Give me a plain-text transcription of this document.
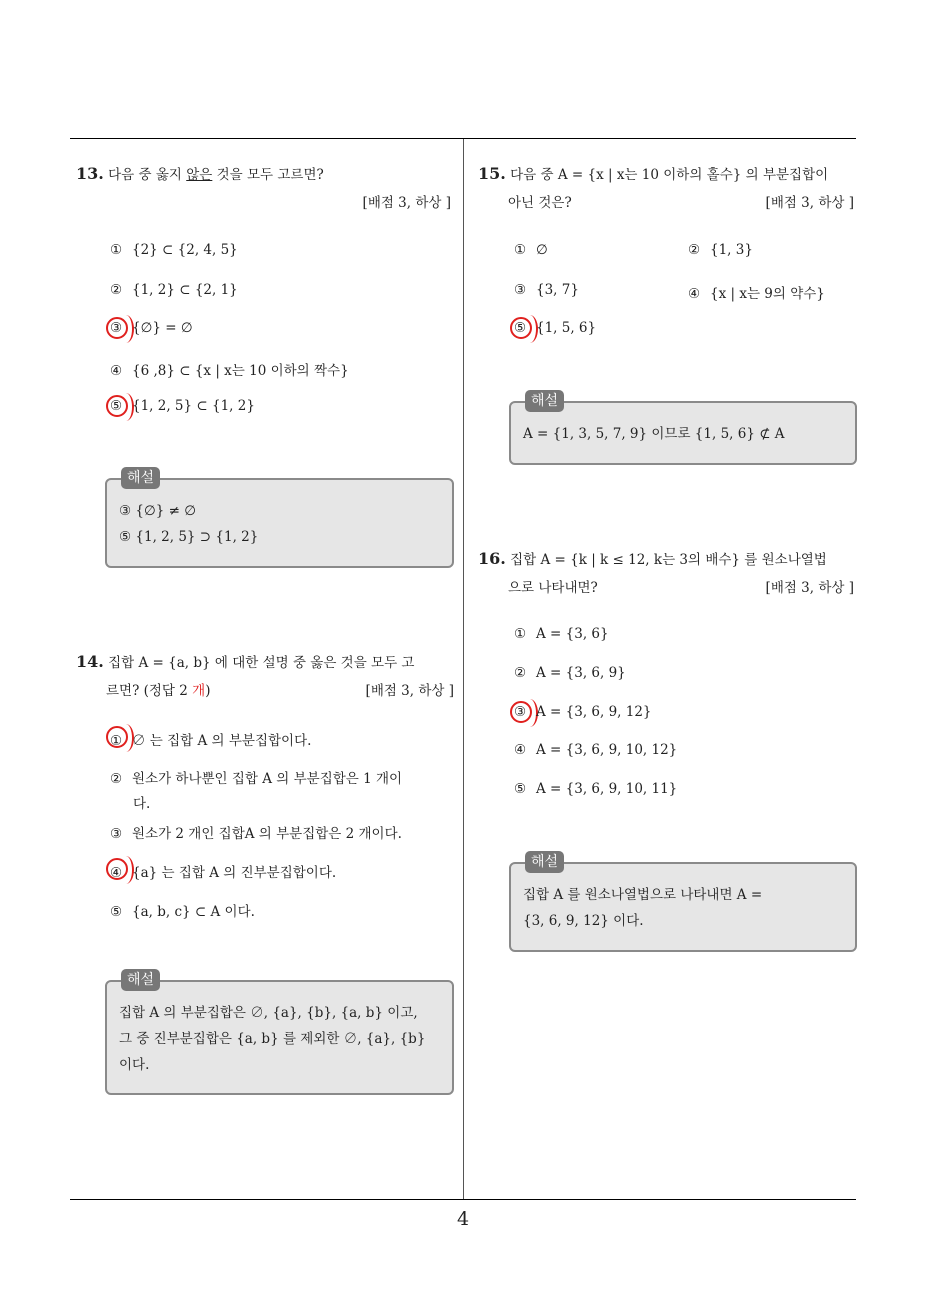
4
13. 다음 중 옳지 않은 것을 모두 고르면?
[배점 3, 하상 ]
① {2} ⊂ {2, 4, 5}
② {1, 2} ⊂ {2, 1}
③ {∅} = ∅
④ {6 ,8} ⊂ {x | x는 10 이하의 짝수}
⑤ {1, 2, 5} ⊂ {1, 2}
해설
③ {∅} ≠ ∅
⑤ {1, 2, 5} ⊃ {1, 2}
14. 집합 A = {a, b} 에 대한 설명 중 옳은 것을 모두 고
르면? (정답 2 개)	[배점 3, 하상 ]
① ∅ 는 집합 A 의 부분집합이다.
② 원소가 하나뿐인 집합 A 의 부분집합은 1 개이
다.
③ 원소가 2 개인 집합A 의 부분집합은 2 개이다.
④ {a} 는 집합 A 의 진부분집합이다.
⑤ {a, b, c} ⊂ A 이다.
해설
집합 A 의 부분집합은 ∅, {a}, {b}, {a, b} 이고,
그 중 진부분집합은 {a, b} 를 제외한 ∅, {a}, {b}
이다.
15. 다음 중 A = {x | x는 10 이하의 홀수} 의 부분집합이
아닌 것은?	[배점 3, 하상 ]
① ∅	② {1, 3}
③ {3, 7}	④ {x | x는 9의 약수}
⑤ {1, 5, 6}
해설
A = {1, 3, 5, 7, 9} 이므로 {1, 5, 6} ⊄ A
16. 집합 A = {k | k ≤ 12, k는 3의 배수} 를 원소나열법
으로 나타내면?	[배점 3, 하상 ]
① A = {3, 6}
② A = {3, 6, 9}
③ A = {3, 6, 9, 12}
④ A = {3, 6, 9, 10, 12}
⑤ A = {3, 6, 9, 10, 11}
해설
집합 A 를 원소나열법으로 나타내면 A =
{3, 6, 9, 12} 이다.
